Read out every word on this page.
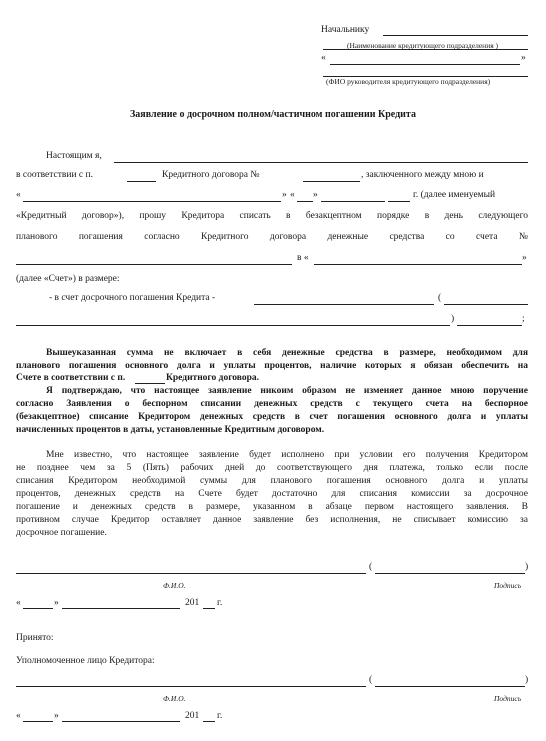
Начальнику
(Наименование кредитующего подразделения )
«	»
(ФИО руководителя кредитующего подразделения)
Заявление о досрочном полном/частичном погашении Кредита
Настоящим я,
в соответствии с п.	Кредитного договора №	, заключенного между мною и
«	» « »	г. (далее именуемый
«Кредитный договор»), прошу Кредитора списать в безакцептном порядке в день следующего
планового погашения согласно Кредитного договора денежные средства со счета №
в «	»
(далее «Счет») в размере:
- в счет досрочного погашения Кредита -	(
)	;
Вышеуказанная сумма не включает в себя денежные средства в размере, необходимом для
планового погашения основного долга и уплаты процентов, наличие которых я обязан обеспечить на
Счете в соответствии с п.	Кредитного договора.
Я подтверждаю, что настоящее заявление никоим образом не изменяет данное мною поручение
согласно Заявления о беспорном списании денежных средств с текущего счета на беспорное
(безакцептное) списание Кредитором денежных средств в счет погашения основного долга и уплаты
начисленных процентов в даты, установленные Кредитным договором.
Мне известно, что настоящее заявление будет исполнено при условии его получения Кредитором
не позднее чем за 5 (Пять) рабочих дней до соответствующего дня платежа, только если после
списания Кредитором необходимой суммы для планового погашения основного долга и уплаты
процентов, денежных средств на Счете будет достаточно для списания комиссии за досрочное
погашение и денежных средств в размере, указанном в абзаце первом настоящего заявления. В
противном случае Кредитор оставляет данное заявление без исполнения, не списывает комиссию за
досрочное погашение.
(	)
Ф.И.О.	Подпись
«	»	201 г.
Принято:
Уполномоченное лицо Кредитора:
(	)
Ф.И.О.	Подпись
«	»	201 г.
